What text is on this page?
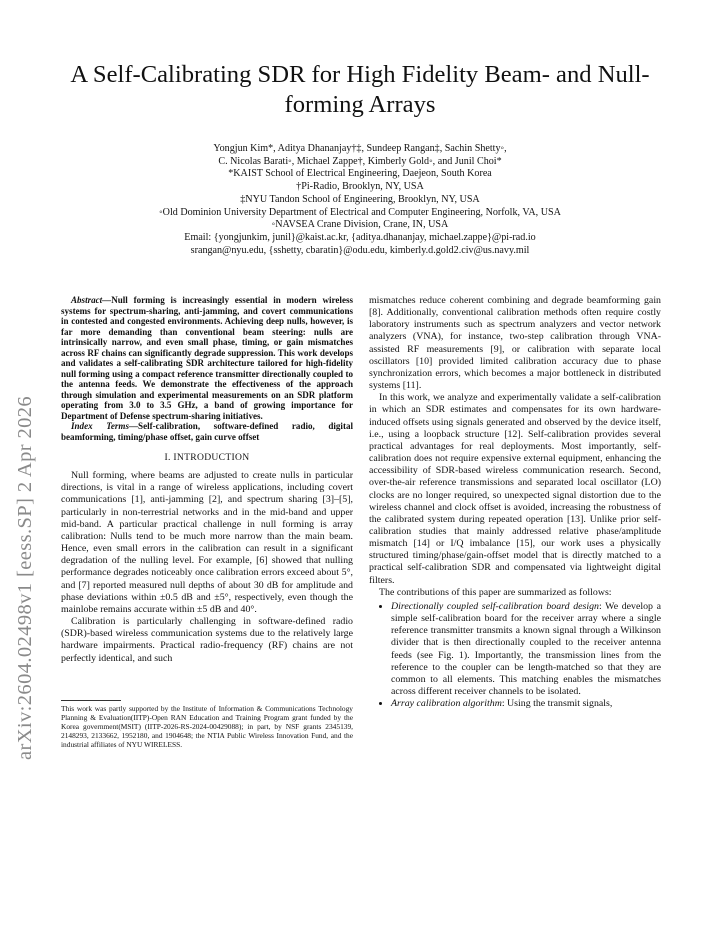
arXiv:2604.02498v1 [eess.SP] 2 Apr 2026
A Self-Calibrating SDR for High Fidelity Beam- and Null-forming Arrays
Yongjun Kim*, Aditya Dhananjay†‡, Sundeep Rangan‡, Sachin Shetty◦,
C. Nicolas Barati◦, Michael Zappe†, Kimberly Gold◦, and Junil Choi*
*KAIST School of Electrical Engineering, Daejeon, South Korea
†Pi-Radio, Brooklyn, NY, USA
‡NYU Tandon School of Engineering, Brooklyn, NY, USA
◦Old Dominion University Department of Electrical and Computer Engineering, Norfolk, VA, USA
◦NAVSEA Crane Division, Crane, IN, USA
Email: {yongjunkim, junil}@kaist.ac.kr, {aditya.dhananjay, michael.zappe}@pi-rad.io
srangan@nyu.edu, {sshetty, cbaratin}@odu.edu, kimberly.d.gold2.civ@us.navy.mil

Abstract—Null forming is increasingly essential in modern wireless systems for spectrum-sharing, anti-jamming, and covert communications in contested and congested environments. Achieving deep nulls, however, is far more demanding than conventional beam steering: nulls are intrinsically narrow, and even small phase, timing, or gain mismatches across RF chains can significantly degrade suppression. This work develops and validates a self-calibrating SDR architecture tailored for high-fidelity null forming using a compact reference transmitter directionally coupled to the antenna feeds. We demonstrate the effectiveness of the approach through simulation and experimental measurements on an SDR platform operating from 3.0 to 3.5 GHz, a band of growing importance for Department of Defense spectrum-sharing initiatives.

Index Terms—Self-calibration, software-defined radio, digital beamforming, timing/phase offset, gain curve offset

I. INTRODUCTION

Null forming, where beams are adjusted to create nulls in particular directions, is vital in a range of wireless applications, including covert communications [1], anti-jamming [2], and spectrum sharing [3]–[5], particularly in non-terrestrial networks and in the mid-band and upper mid-band. A particular practical challenge in null forming is array calibration: Nulls tend to be much more narrow than the main beam. Hence, even small errors in the calibration can result in a significant degradation of the nulling level. For example, [6] showed that nulling performance degrades noticeably once calibration errors exceed about 5°, and [7] reported measured null depths of about 30 dB for amplitude and phase deviations within ±0.5 dB and ±5°, respectively, even though the mainlobe remains accurate within ±5 dB and 40°.

Calibration is particularly challenging in software-defined radio (SDR)-based wireless communication systems due to the relatively large hardware impairments. Practical radio-frequency (RF) chains are not perfectly identical, and such

This work was partly supported by the Institute of Information & Communications Technology Planning & Evaluation(IITP)-Open RAN Education and Training Program grant funded by the Korea government(MSIT) (IITP-2026-RS-2024-00429088); in part, by NSF grants 2345139, 2148293, 2133662, 1952180, and 1904648; the NTIA Public Wireless Innovation Fund, and the industrial affiliates of NYU WIRELESS.

mismatches reduce coherent combining and degrade beamforming gain [8]. Additionally, conventional calibration methods often require costly laboratory instruments such as spectrum analyzers and vector network analyzers (VNA), for instance, two-step calibration through VNA-assisted RF measurements [9], or calibration with separate local oscillators [10] provided limited calibration accuracy due to phase synchronization errors, which becomes a major bottleneck in distributed systems [11].

In this work, we analyze and experimentally validate a self-calibration in which an SDR estimates and compensates for its own hardware-induced offsets using signals generated and observed by the device itself, i.e., using a loopback structure [12]. Self-calibration provides several practical advantages for real deployments. Most importantly, self-calibration does not require expensive external equipment, enhancing the accessibility of SDR-based wireless communication research. Second, over-the-air reference transmissions and separated local oscillator (LO) clocks are no longer required, so unexpected signal distortion due to the wireless channel and clock offset is avoided, increasing the robustness of the calibrated system during repeated operation [13]. Unlike prior self-calibration studies that mainly addressed relative phase/amplitude mismatch [14] or I/Q imbalance [15], our work uses a physically structured timing/phase/gain-offset model that is directly matched to a practical self-calibration SDR and compensated via lightweight digital filters.

The contributions of this paper are summarized as follows:

• Directionally coupled self-calibration board design: We develop a simple self-calibration board for the receiver array where a single reference transmitter transmits a known signal through a Wilkinson divider that is then directionally coupled to the receiver antenna feeds (see Fig. 1). Importantly, the transmission lines from the reference to the coupler can be length-matched so that they are common to all elements. This matching enables the mismatches across different receiver channels to be isolated.
• Array calibration algorithm: Using the transmit signals,
